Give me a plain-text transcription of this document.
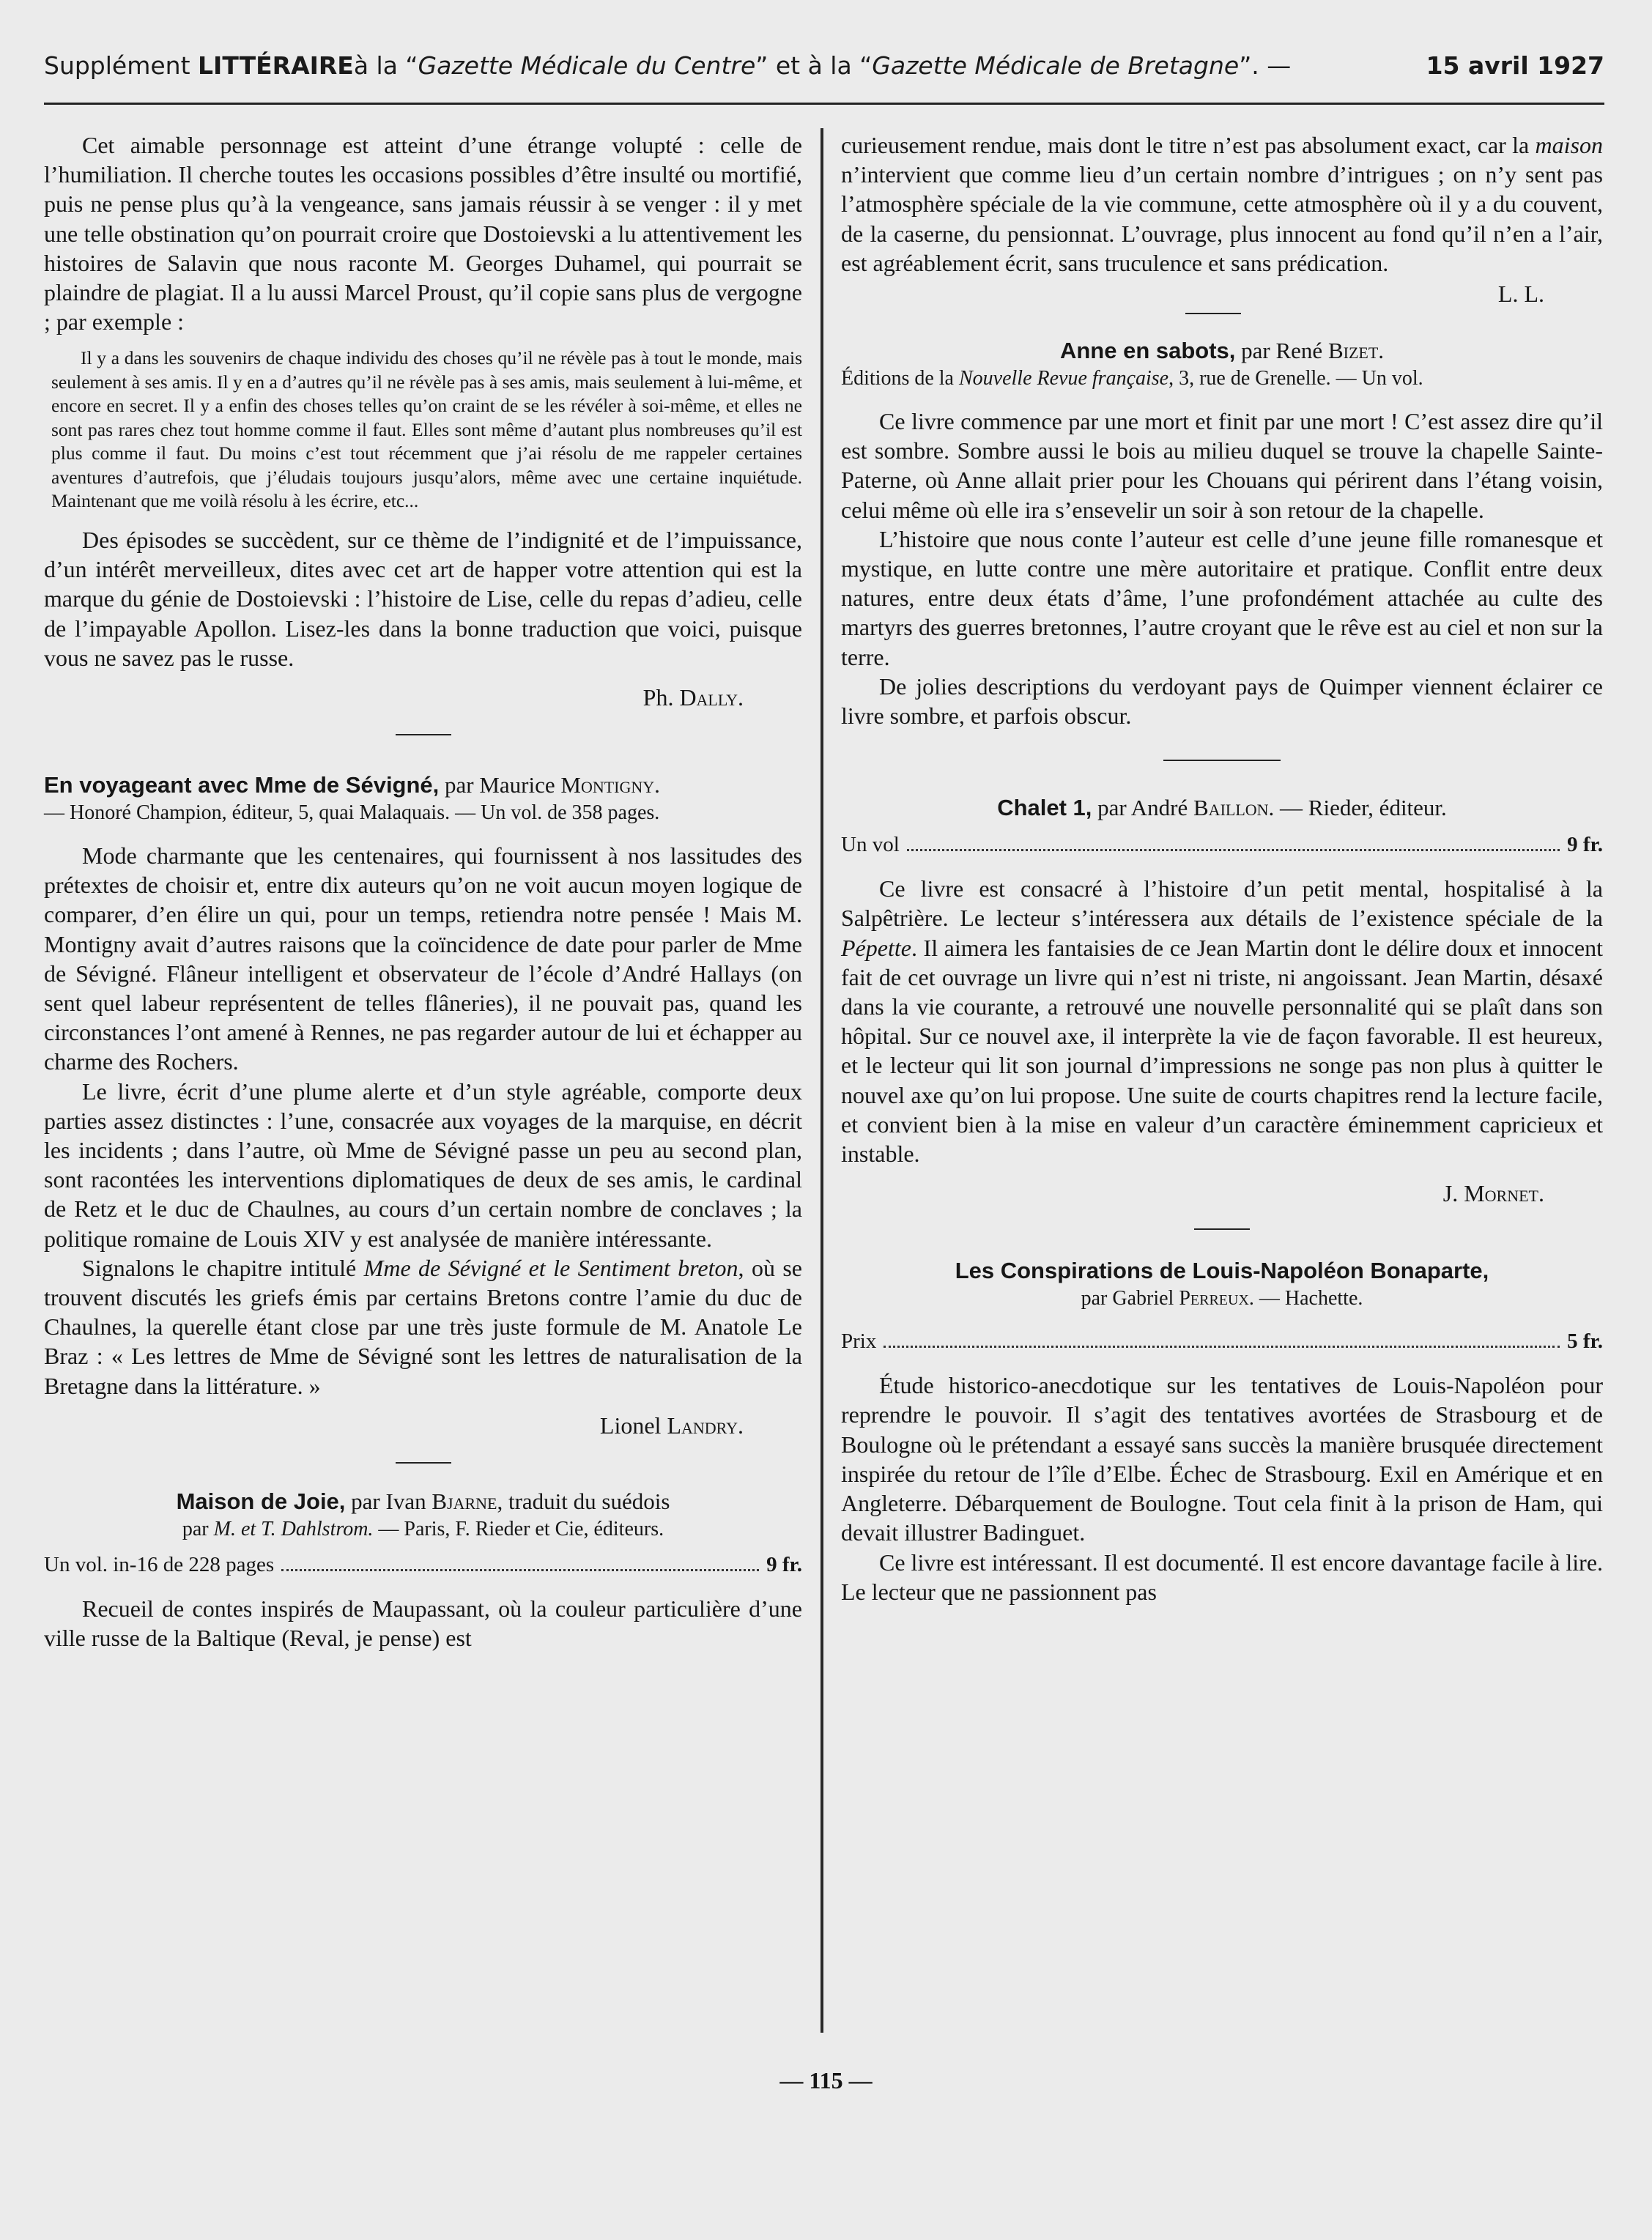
Supplément
LITTÉRAIRE à la “ Gazette Médicale du Centre ” et à la “ Gazette Médicale de Bretagne ”. —	15 avril 1927

Cet aimable personnage est atteint d’une étrange volupté : celle de l’humiliation. Il cherche toutes les occasions possibles d’être insulté ou mortifié, puis ne pense plus qu’à la vengeance, sans jamais réussir à se venger : il y met une telle obstination qu’on pourrait croire que Dostoievski a lu attentivement les histoires de Salavin que nous raconte M. Georges Duhamel, qui pourrait se plaindre de plagiat. Il a lu aussi Marcel Proust, qu’il copie sans plus de vergogne ; par exemple :

Il y a dans les souvenirs de chaque individu des choses qu’il ne révèle pas à tout le monde, mais seulement à ses amis. Il y en a d’autres qu’il ne révèle pas à ses amis, mais seulement à lui-même, et encore en secret. Il y a enfin des choses telles qu’on craint de se les révéler à soi-même, et elles ne sont pas rares chez tout homme comme il faut. Elles sont même d’autant plus nombreuses qu’il est plus comme il faut. Du moins c’est tout récemment que j’ai résolu de me rappeler certaines aventures d’autrefois, que j’éludais toujours jusqu’alors, même avec une certaine inquiétude. Maintenant que me voilà résolu à les écrire, etc...

Des épisodes se succèdent, sur ce thème de l’indignité et de l’impuissance, d’un intérêt merveilleux, dites avec cet art de happer votre attention qui est la marque du génie de Dostoievski : l’histoire de Lise, celle du repas d’adieu, celle de l’impayable Apollon. Lisez-les dans la bonne traduction que voici, puisque vous ne savez pas le russe.

Ph. Dally.
En voyageant avec Mme de Sévigné, par Maurice Montigny.
— Honoré Champion, éditeur, 5, quai Malaquais. — Un vol. de 358 pages.

Mode charmante que les centenaires, qui fournissent à nos lassitudes des prétextes de choisir et, entre dix auteurs qu’on ne voit aucun moyen logique de comparer, d’en élire un qui, pour un temps, retiendra notre pensée ! Mais M. Montigny avait d’autres raisons que la coïncidence de date pour parler de Mme de Sévigné. Flâneur intelligent et observateur de l’école d’André Hallays (on sent quel labeur représentent de telles flâneries), il ne pouvait pas, quand les circonstances l’ont amené à Rennes, ne pas regarder autour de lui et échapper au charme des Rochers.

Le livre, écrit d’une plume alerte et d’un style agréable, comporte deux parties assez distinctes : l’une, consacrée aux voyages de la marquise, en décrit les incidents ; dans l’autre, où Mme de Sévigné passe un peu au second plan, sont racontées les interventions diplomatiques de deux de ses amis, le cardinal de Retz et le duc de Chaulnes, au cours d’un certain nombre de conclaves ; la politique romaine de Louis XIV y est analysée de manière intéressante.

Signalons le chapitre intitulé Mme de Sévigné et le Sentiment breton, où se trouvent discutés les griefs émis par certains Bretons contre l’amie du duc de Chaulnes, la querelle étant close par une très juste formule de M. Anatole Le Braz : « Les lettres de Mme de Sévigné sont les lettres de naturalisation de la Bretagne dans la littérature. »

Lionel Landry.
Maison de Joie, par Ivan Bjarne, traduit du suédois
par M. et T. Dahlstrom. — Paris, F. Rieder et Cie, éditeurs.
Un vol. in-16 de 228 pages	9 fr.

Recueil de contes inspirés de Maupassant, où la couleur particulière d’une ville russe de la Baltique (Reval, je pense) est

curieusement rendue, mais dont le titre n’est pas absolument exact, car la maison n’intervient que comme lieu d’un certain nombre d’intrigues ; on n’y sent pas l’atmosphère spéciale de la vie commune, cette atmosphère où il y a du couvent, de la caserne, du pensionnat. L’ouvrage, plus innocent au fond qu’il n’en a l’air, est agréablement écrit, sans truculence et sans prédication.

L. L.
Anne en sabots, par René Bizet.
Éditions de la Nouvelle Revue française, 3, rue de Grenelle. — Un vol.

Ce livre commence par une mort et finit par une mort ! C’est assez dire qu’il est sombre. Sombre aussi le bois au milieu duquel se trouve la chapelle Sainte-Paterne, où Anne allait prier pour les Chouans qui périrent dans l’étang voisin, celui même où elle ira s’ensevelir un soir à son retour de la chapelle.

L’histoire que nous conte l’auteur est celle d’une jeune fille romanesque et mystique, en lutte contre une mère autoritaire et pratique. Conflit entre deux natures, entre deux états d’âme, l’une profondément attachée au culte des martyrs des guerres bretonnes, l’autre croyant que le rêve est au ciel et non sur la terre.

De jolies descriptions du verdoyant pays de Quimper viennent éclairer ce livre sombre, et parfois obscur.

Chalet 1, par André Baillon. — Rieder, éditeur.
Un vol	9 fr.

Ce livre est consacré à l’histoire d’un petit mental, hospitalisé à la Salpêtrière. Le lecteur s’intéressera aux détails de l’existence spéciale de la Pépette. Il aimera les fantaisies de ce Jean Martin dont le délire doux et innocent fait de cet ouvrage un livre qui n’est ni triste, ni angoissant. Jean Martin, désaxé dans la vie courante, a retrouvé une nouvelle personnalité qui se plaît dans son hôpital. Sur ce nouvel axe, il interprète la vie de façon favorable. Il est heureux, et le lecteur qui lit son journal d’impressions ne songe pas non plus à quitter le nouvel axe qu’on lui propose. Une suite de courts chapitres rend la lecture facile, et convient bien à la mise en valeur d’un caractère éminemment capricieux et instable.

J. Mornet.
Les Conspirations de Louis-Napoléon Bonaparte,
par Gabriel Perreux. — Hachette.
Prix	5 fr.

Étude historico-anecdotique sur les tentatives de Louis-Napoléon pour reprendre le pouvoir. Il s’agit des tentatives avortées de Strasbourg et de Boulogne où le prétendant a essayé sans succès la manière brusquée directement inspirée du retour de l’île d’Elbe. Échec de Strasbourg. Exil en Amérique et en Angleterre. Débarquement de Boulogne. Tout cela finit à la prison de Ham, qui devait illustrer Badinguet.

Ce livre est intéressant. Il est documenté. Il est encore davantage facile à lire. Le lecteur que ne passionnent pas

— 115 —
